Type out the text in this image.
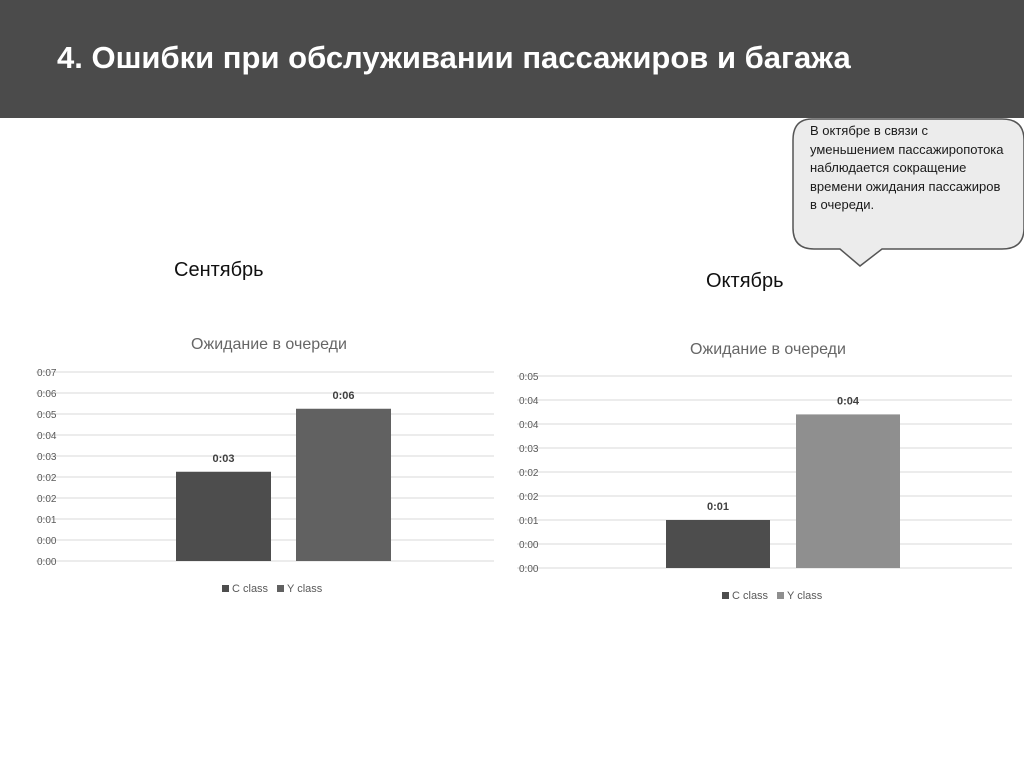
4. Ошибки при обслуживании пассажиров и багажа
В октябре в связи с уменьшением пассажиропотока наблюдается сокращение времени ожидания пассажиров в очереди.
Сентябрь	Октябрь
Ожидание в очереди
0:00
0:00
0:01
0:02
0:02
0:03
0:04
0:05
0:06
0:07
0:03
0:06
C class Y class
Ожидание в очереди
0:00
0:00
0:01
0:02
0:02
0:03
0:04
0:04
0:05
0:01
0:04
C class Y class
